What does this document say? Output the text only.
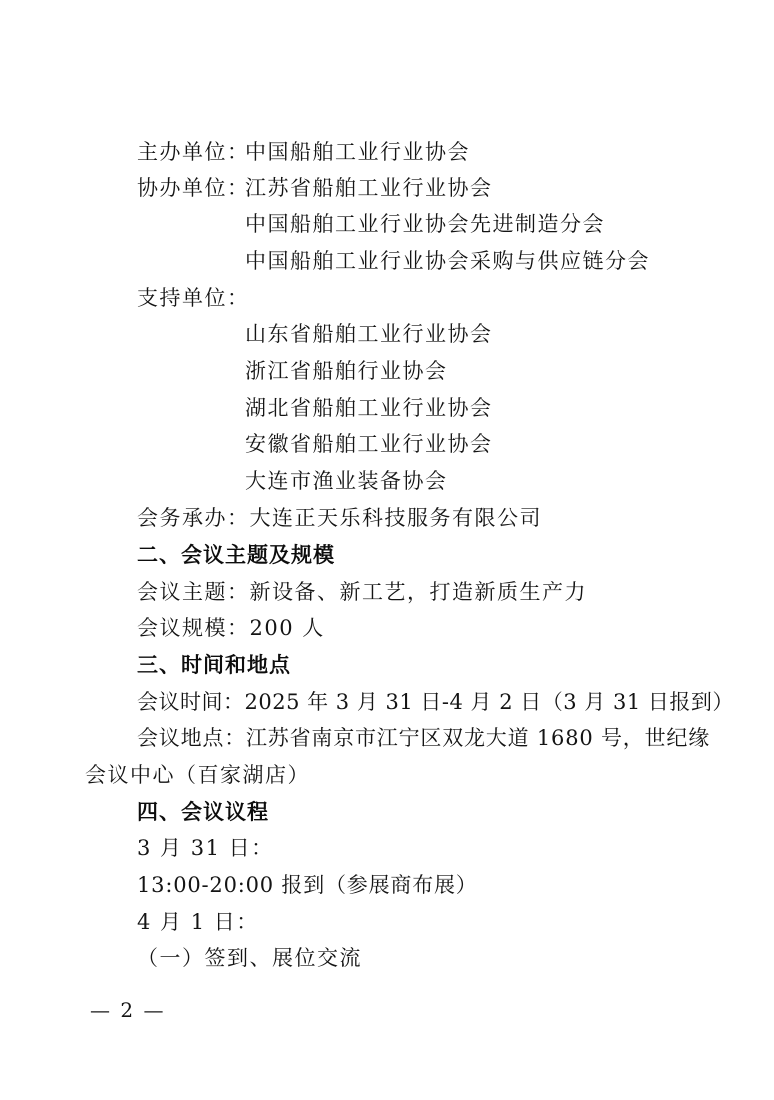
主办单位：
中国船舶工业行业协会
协办单位：
江苏省船舶工业行业协会
中国船舶工业行业协会先进制造分会
中国船舶工业行业协会采购与供应链分会
支持单位：
山东省船舶工业行业协会
浙江省船舶行业协会
湖北省船舶工业行业协会
安徽省船舶工业行业协会
大连市渔业装备协会
会务承办：大连正天乐科技服务有限公司
二、会议主题及规模
会议主题：新设备、新工艺，打造新质生产力
会议规模：200 人
三、时间和地点
会议时间：2025 年 3 月 31 日-4 月 2 日（3 月 31 日报到）
会议地点：江苏省南京市江宁区双龙大道 1680 号，世纪缘
会议中心（百家湖店）
四、会议议程
3 月 31 日：
13:00-20:00 报到（参展商布展）
4 月 1 日：
（一）签到、展位交流
— 2 —
